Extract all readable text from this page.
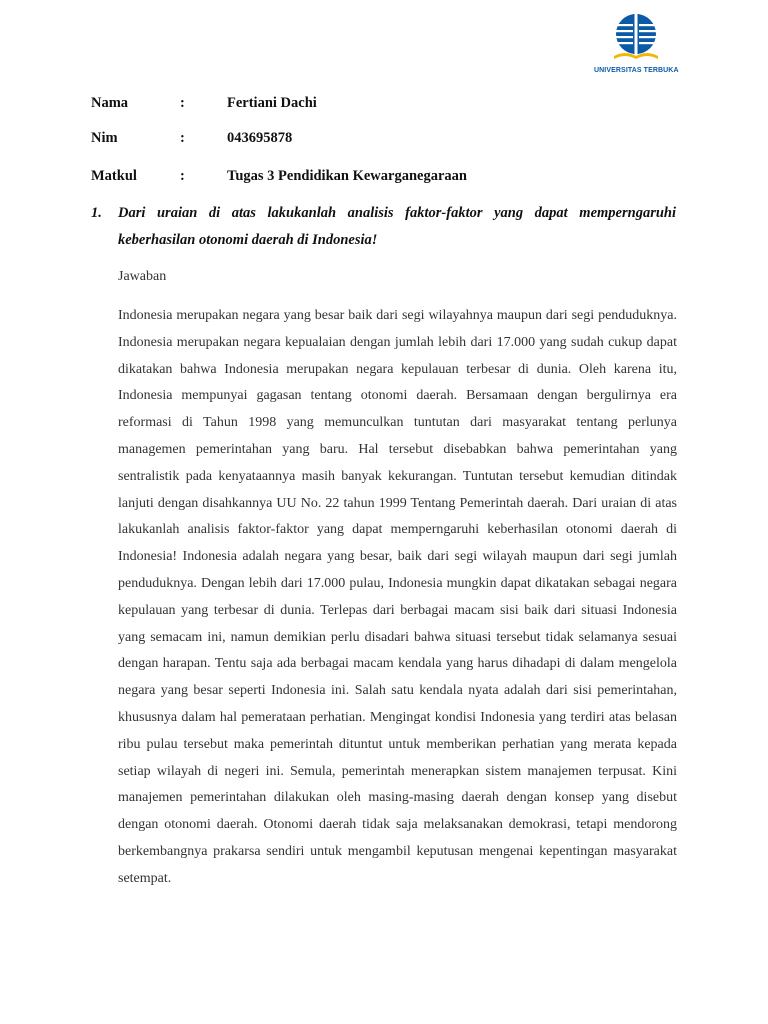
UNIVERSITAS TERBUKA
Nama	:	Fertiani Dachi
Nim	:	043695878
Matkul	:	Tugas 3 Pendidikan Kewarganegaraan
1. Dari uraian di atas lakukanlah analisis faktor-faktor yang dapat memperngaruhi keberhasilan otonomi daerah di Indonesia!
Jawaban

Indonesia merupakan negara yang besar baik dari segi wilayahnya maupun dari segi penduduknya. Indonesia merupakan negara kepualaian dengan jumlah lebih dari 17.000 yang sudah cukup dapat dikatakan bahwa Indonesia merupakan negara kepulauan terbesar di dunia. Oleh karena itu, Indonesia mempunyai gagasan tentang otonomi daerah. Bersamaan dengan bergulirnya era reformasi di Tahun 1998 yang memunculkan tuntutan dari masyarakat tentang perlunya managemen pemerintahan yang baru. Hal tersebut disebabkan bahwa pemerintahan yang sentralistik pada kenyataannya masih banyak kekurangan. Tuntutan tersebut kemudian ditindak lanjuti dengan disahkannya UU No. 22 tahun 1999 Tentang Pemerintah daerah. Dari uraian di atas lakukanlah analisis faktor-faktor yang dapat memperngaruhi keberhasilan otonomi daerah di Indonesia! Indonesia adalah negara yang besar, baik dari segi wilayah maupun dari segi jumlah penduduknya. Dengan lebih dari 17.000 pulau, Indonesia mungkin dapat dikatakan sebagai negara kepulauan yang terbesar di dunia. Terlepas dari berbagai macam sisi baik dari situasi Indonesia yang semacam ini, namun demikian perlu disadari bahwa situasi tersebut tidak selamanya sesuai dengan harapan. Tentu saja ada berbagai macam kendala yang harus dihadapi di dalam mengelola negara yang besar seperti Indonesia ini. Salah satu kendala nyata adalah dari sisi pemerintahan, khususnya dalam hal pemerataan perhatian. Mengingat kondisi Indonesia yang terdiri atas belasan ribu pulau tersebut maka pemerintah dituntut untuk memberikan perhatian yang merata kepada setiap wilayah di negeri ini. Semula, pemerintah menerapkan sistem manajemen terpusat. Kini manajemen pemerintahan dilakukan oleh masing-masing daerah dengan konsep yang disebut dengan otonomi daerah. Otonomi daerah tidak saja melaksanakan demokrasi, tetapi mendorong berkembangnya prakarsa sendiri untuk mengambil keputusan mengenai kepentingan masyarakat setempat.
